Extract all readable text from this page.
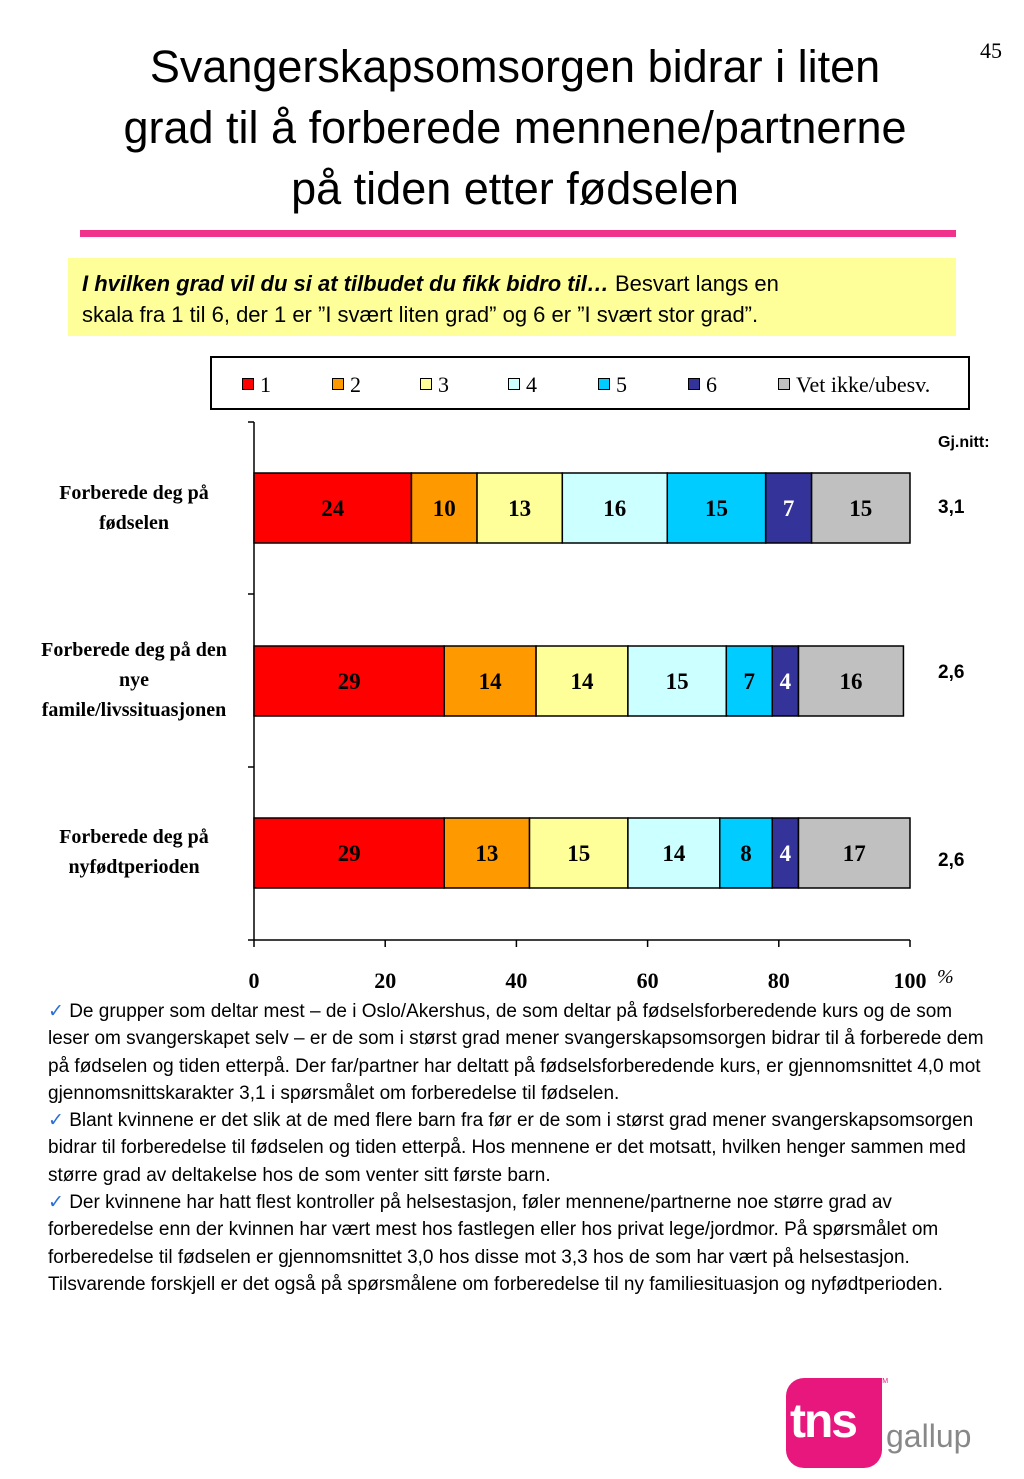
45
Svangerskapsomsorgen bidrar i liten
grad til å forberede mennene/partnerne
på tiden etter fødselen
I hvilken grad vil du si at tilbudet du fikk bidro til… Besvart langs en
skala fra 1 til 6, der 1 er ”I svært liten grad” og 6 er ”I svært stor grad”.
1	2	3	4	5	6	Vet ikke/ubesv.
Gj.nitt:
3,1
2,6
2,6
Forberede deg på
fødselen
Forberede deg på den
nye
famile/livssituasjonen
Forberede deg på
nyfødtperioden
0	20	40	60	80	100
24	10 13	16	15 7 15
29	14	14	15 7 4 16
29	13	15	14 8 4 17
%

✓ De grupper som deltar mest – de i Oslo/Akershus, de som deltar på fødselsforberedende kurs og de som leser om svangerskapet selv – er de som i størst grad mener svangerskapsomsorgen bidrar til å forberede dem på fødselen og tiden etterpå. Der far/partner har deltatt på fødselsforberedende kurs, er gjennomsnittet 4,0 mot gjennomsnittskarakter 3,1 i spørsmålet om forberedelse til fødselen.

✓ Blant kvinnene er det slik at de med flere barn fra før er de som i størst grad mener svangerskapsomsorgen bidrar til forberedelse til fødselen og tiden etterpå. Hos mennene er det motsatt, hvilken henger sammen med større grad av deltakelse hos de som venter sitt første barn.

✓ Der kvinnene har hatt flest kontroller på helsestasjon, føler mennene/partnerne noe større grad av forberedelse enn der kvinnen har vært mest hos fastlegen eller hos privat lege/jordmor. På spørsmålet om forberedelse til fødselen er gjennomsnittet 3,0 hos disse mot 3,3 hos de som har vært på helsestasjon. Tilsvarende forskjell er det også på spørsmålene om forberedelse til ny familiesituasjon og nyfødtperioden.

tns
TM
gallup
